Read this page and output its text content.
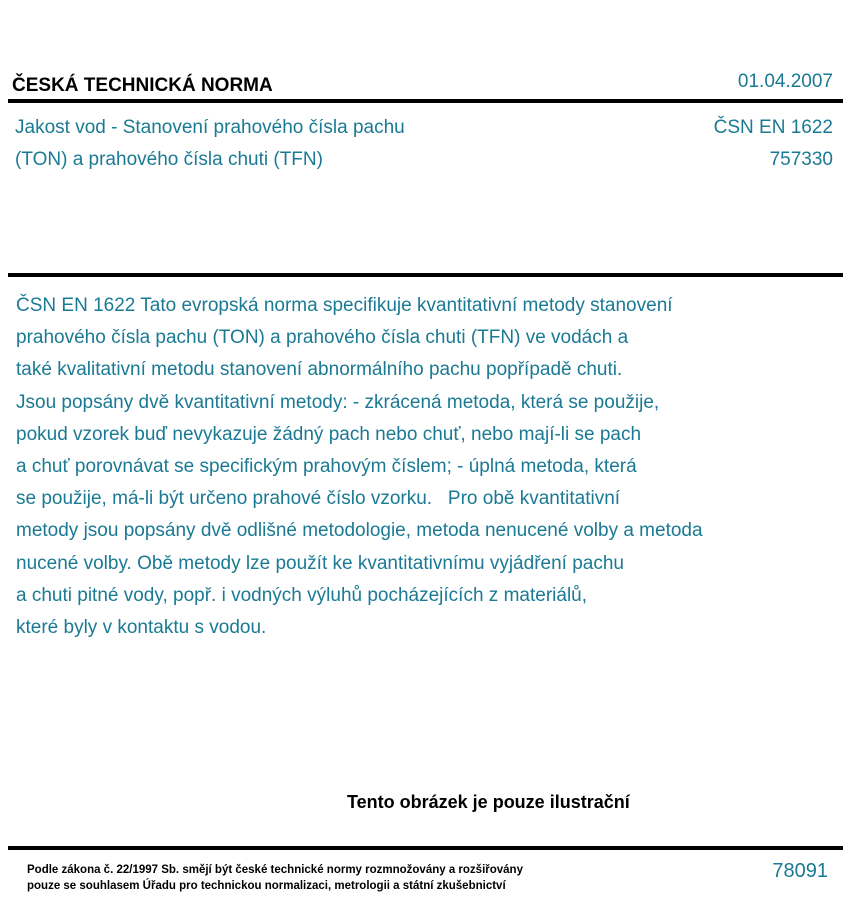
ČESKÁ TECHNICKÁ NORMA	01.04.2007
Jakost vod - Stanovení prahového čísla pachu
(TON) a prahového čísla chuti (TFN)
ČSN EN 1622
757330
ČSN EN 1622 Tato evropská norma specifikuje kvantitativní metody stanovení
prahového čísla pachu (TON) a prahového čísla chuti (TFN) ve vodách a
také kvalitativní metodu stanovení abnormálního pachu popřípadě chuti.
Jsou popsány dvě kvantitativní metody: - zkrácená metoda, která se použije,
pokud vzorek buď nevykazuje žádný pach nebo chuť, nebo mají-li se pach
a chuť porovnávat se specifickým prahovým číslem; - úplná metoda, která
se použije, má-li být určeno prahové číslo vzorku.   Pro obě kvantitativní
metody jsou popsány dvě odlišné metodologie, metoda nenucené volby a metoda
nucené volby. Obě metody lze použít ke kvantitativnímu vyjádření pachu
a chuti pitné vody, popř. i vodných výluhů pocházejících z materiálů,
které byly v kontaktu s vodou.
Tento obrázek je pouze ilustrační
Podle zákona č. 22/1997 Sb. smějí být české technické normy rozmnožovány a rozšiřovány
pouze se souhlasem Úřadu pro technickou normalizaci, metrologii a státní zkušebnictví
78091
